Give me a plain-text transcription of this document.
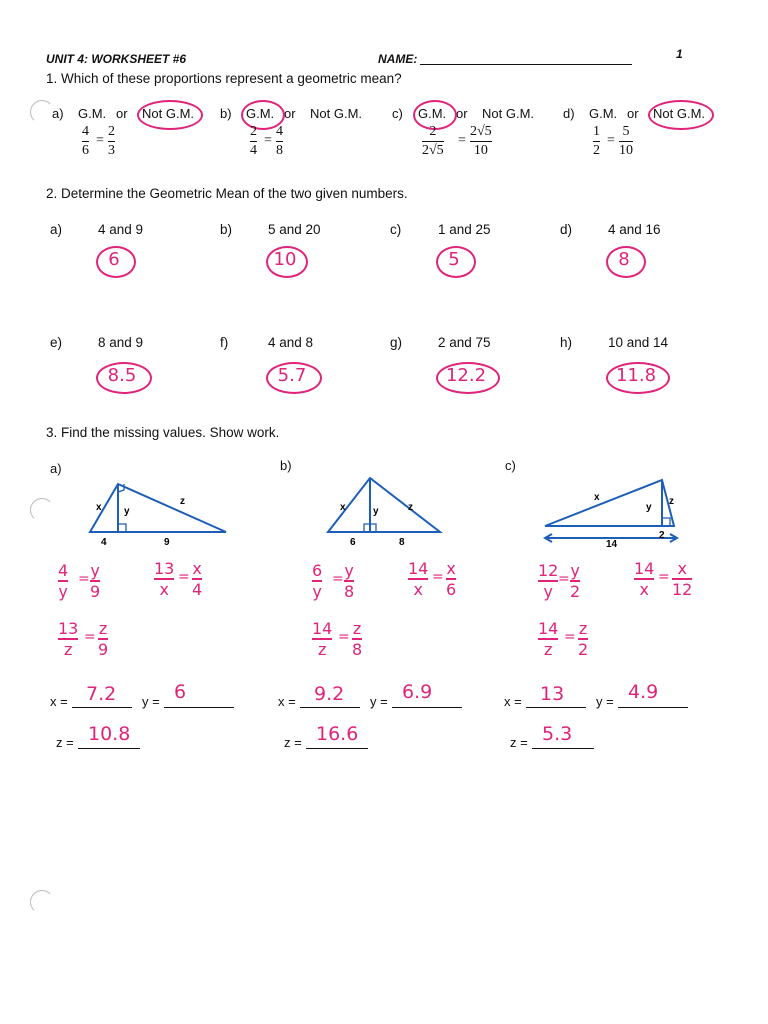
UNIT 4: WORKSHEET #6	NAME:	1
1. Which of these proportions represent a geometric mean?
a) G.M. or Not G.M.
4
6
=
2
3
b) G.M. or Not G.M.
2
4
=
4
8
c) G.M. or Not G.M.
2
2√5
=
2√5
10
d) G.M. or Not G.M.
1
2
=
5
10
2. Determine the Geometric Mean of the two given numbers.
a)	4 and 9
6
b)	5 and 20
10
c)	1 and 25
5
d)	4 and 16
8
e)	8 and 9
8.5
f)	4 and 8
5.7
g)	2 and 75
12.2
h)	10 and 14
11.8
3. Find the missing values. Show work.
a)	b)	c)
x y
z
4	9
x	y	z
6	8
x
y
z
14
2
4
y
= y
9
13
x
= x
4
13
z
= z
9
x = 7.2 y = 6
z = 10.8
6
y
= y
8
14
x
= x
6
14
z
= z
8
x = 9.2 y = 6.9
z = 16.6
12
y
= y
2
14
x
= x
12
14
z
= z
2
x = 13 y = 4.9
z = 5.3
